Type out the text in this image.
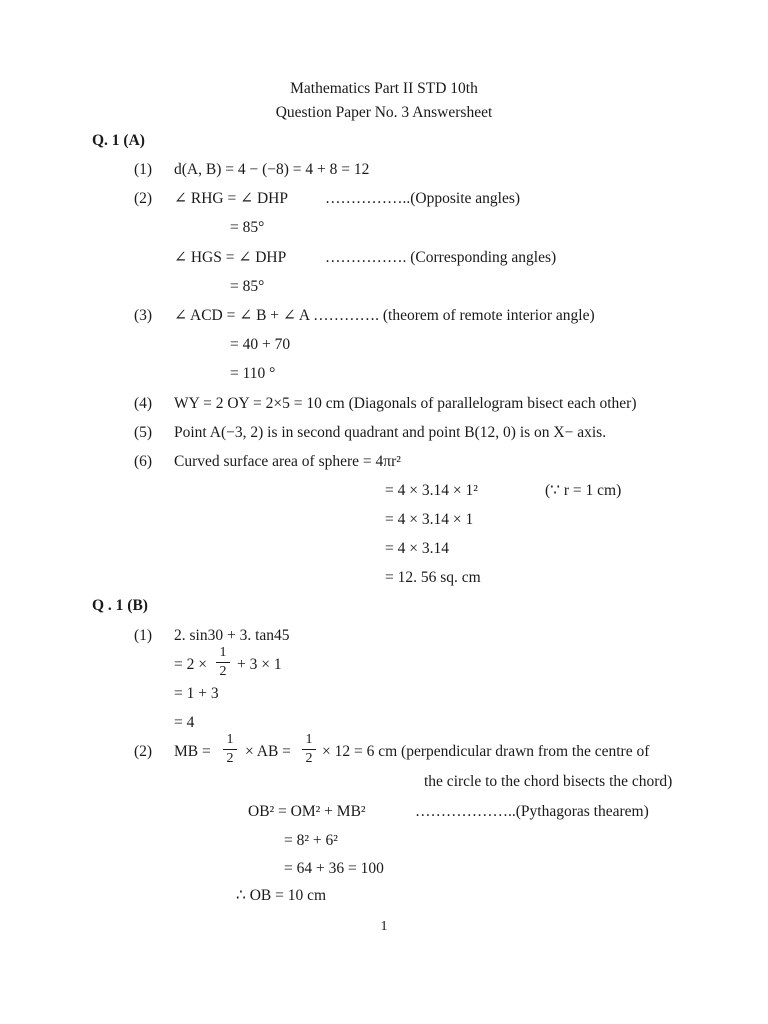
Mathematics Part II STD 10th
Question Paper No. 3 Answersheet
Q. 1 (A)
(1) d(A, B) = 4 − (−8) = 4 + 8 = 12
(2) ∠ RHG = ∠ DHP ……………..(Opposite angles)
= 85°
∠ HGS = ∠ DHP	……………. (Corresponding angles)
= 85°
(3) ∠ ACD = ∠ B + ∠ A …………. (theorem of remote interior angle)
= 40 + 70
= 110 °
(4) WY = 2 OY = 2×5 = 10 cm (Diagonals of parallelogram bisect each other)
(5) Point A(−3, 2) is in second quadrant and point B(12, 0) is on X− axis.
(6) Curved surface area of sphere = 4πr²
= 4 × 3.14 × 1²	(∵ r = 1 cm)
= 4 × 3.14 × 1
= 4 × 3.14
= 12. 56 sq. cm
Q . 1 (B)
(1) 2. sin30 + 3. tan45
= 2 ×
1
2 + 3 × 1
= 1 + 3
= 4
(2) MB =
1
2 × AB =
1
2 × 12 = 6 cm (perpendicular drawn from the centre of
the circle to the chord bisects the chord)
OB² = OM² + MB²	………………..(Pythagoras thearem)
= 8² + 6²
= 64 + 36 = 100
∴ OB = 10 cm
1
